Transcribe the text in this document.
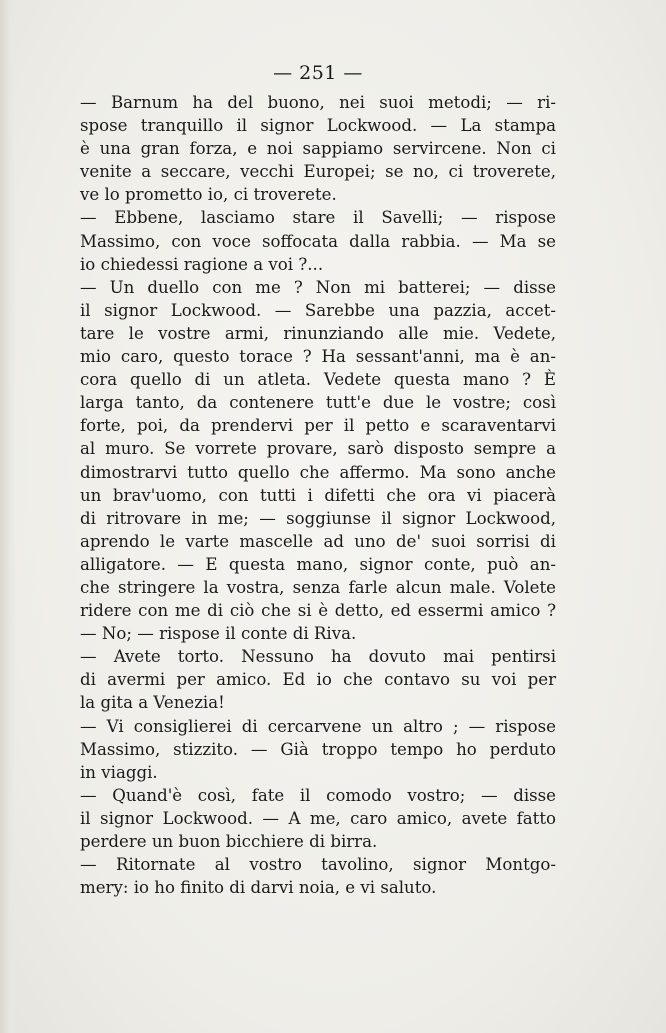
— 251 —
— Barnum ha del buono, nei suoi metodi; — ri-
spose tranquillo il signor Lockwood. — La stampa
è una gran forza, e noi sappiamo servircene. Non ci
venite a seccare, vecchi Europei; se no, ci troverete,
ve lo prometto io, ci troverete.
— Ebbene, lasciamo stare il Savelli; — rispose
Massimo, con voce soffocata dalla rabbia. — Ma se
io chiedessi ragione a voi ?...
— Un duello con me ? Non mi batterei; — disse
il signor Lockwood. — Sarebbe una pazzia, accet-
tare le vostre armi, rinunziando alle mie. Vedete,
mio caro, questo torace ? Ha sessant'anni, ma è an-
cora quello di un atleta. Vedete questa mano ? È
larga tanto, da contenere tutt'e due le vostre; così
forte, poi, da prendervi per il petto e scaraventarvi
al muro. Se vorrete provare, sarò disposto sempre a
dimostrarvi tutto quello che affermo. Ma sono anche
un brav'uomo, con tutti i difetti che ora vi piacerà
di ritrovare in me; — soggiunse il signor Lockwood,
aprendo le varte mascelle ad uno de' suoi sorrisi di
alligatore. — E questa mano, signor conte, può an-
che stringere la vostra, senza farle alcun male. Volete
ridere con me di ciò che si è detto, ed essermi amico ?
— No; — rispose il conte di Riva.
— Avete torto. Nessuno ha dovuto mai pentirsi
di avermi per amico. Ed io che contavo su voi per
la gita a Venezia!
— Vi consiglierei di cercarvene un altro ; — rispose
Massimo, stizzito. — Già troppo tempo ho perduto
in viaggi.
— Quand'è così, fate il comodo vostro; — disse
il signor Lockwood. — A me, caro amico, avete fatto
perdere un buon bicchiere di birra.
— Ritornate al vostro tavolino, signor Montgo-
mery: io ho finito di darvi noia, e vi saluto.
